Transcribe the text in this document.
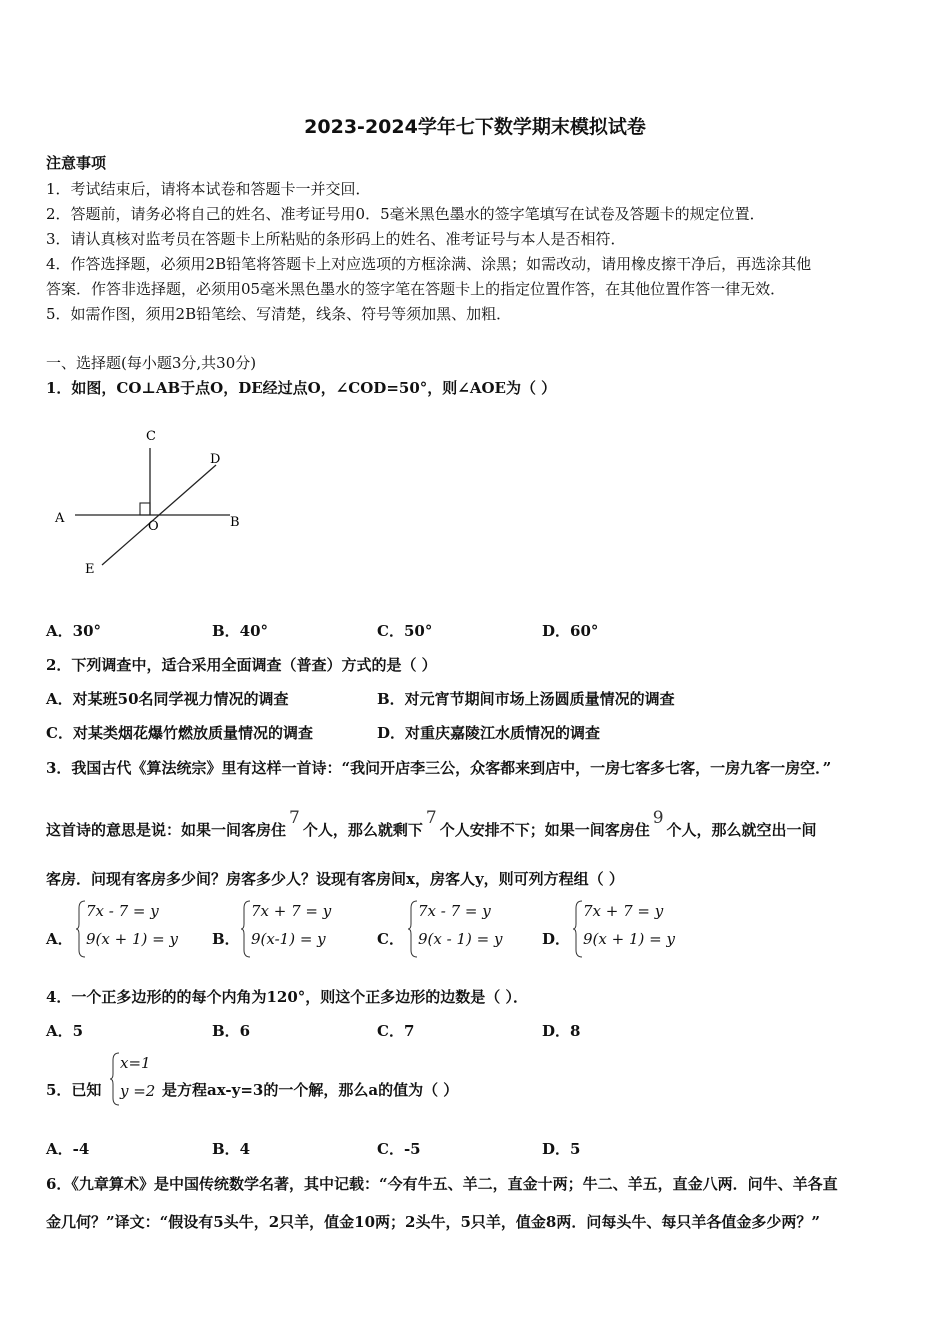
2023-2024学年七下数学期末模拟试卷
注意事项
1．考试结束后，请将本试卷和答题卡一并交回．
2．答题前，请务必将自己的姓名、准考证号用0．5毫米黑色墨水的签字笔填写在试卷及答题卡的规定位置．
3．请认真核对监考员在答题卡上所粘贴的条形码上的姓名、准考证号与本人是否相符．
4．作答选择题，必须用2B铅笔将答题卡上对应选项的方框涂满、涂黑；如需改动，请用橡皮擦干净后，再选涂其他
答案．作答非选择题，必须用05毫米黑色墨水的签字笔在答题卡上的指定位置作答，在其他位置作答一律无效．
5．如需作图，须用2B铅笔绘、写清楚，线条、符号等须加黑、加粗．
一、选择题(每小题3分,共30分)
1．如图，CO⊥AB于点O，DE经过点O，∠COD=50°，则∠AOE为（ ）
A	B
C
D
E
O
A．30°	B．40°	C．50°	D．60°
2．下列调查中，适合采用全面调查（普查）方式的是（ ）
A．对某班50名同学视力情况的调查	B．对元宵节期间市场上汤圆质量情况的调查
C．对某类烟花爆竹燃放质量情况的调查	D．对重庆嘉陵江水质情况的调查
3．我国古代《算法统宗》里有这样一首诗：“我问开店李三公，众客都来到店中，一房七客多七客，一房九客一房空．”
这首诗的意思是说：如果一间客房住7个人，那么就剩下7个人安排不下；如果一间客房住9个人，那么就空出一间
客房．问现有客房多少间？房客多少人？设现有客房间x，房客人y，则可列方程组（ ）
A．
7x - 7 = y
9(x + 1) = y B．
7x + 7 = y
9(x-1) = y	C．
7x - 7 = y
9(x - 1) = y	D．
7x + 7 = y
9(x + 1) = y
4．一个正多边形的的每个内角为120°，则这个正多边形的边数是（ ）．
A．5	B．6	C．7	D．8
5．已知
x=1
y =2 是方程ax-y=3的一个解，那么a的值为（ ）
A．-4	B．4	C．-5	D．5
6．《九章算术》是中国传统数学名著，其中记载：“今有牛五、羊二，直金十两；牛二、羊五，直金八两．问牛、羊各直
金几何？”译文：“假设有5头牛，2只羊，值金10两；2头牛，5只羊，值金8两．问每头牛、每只羊各值金多少两？”
